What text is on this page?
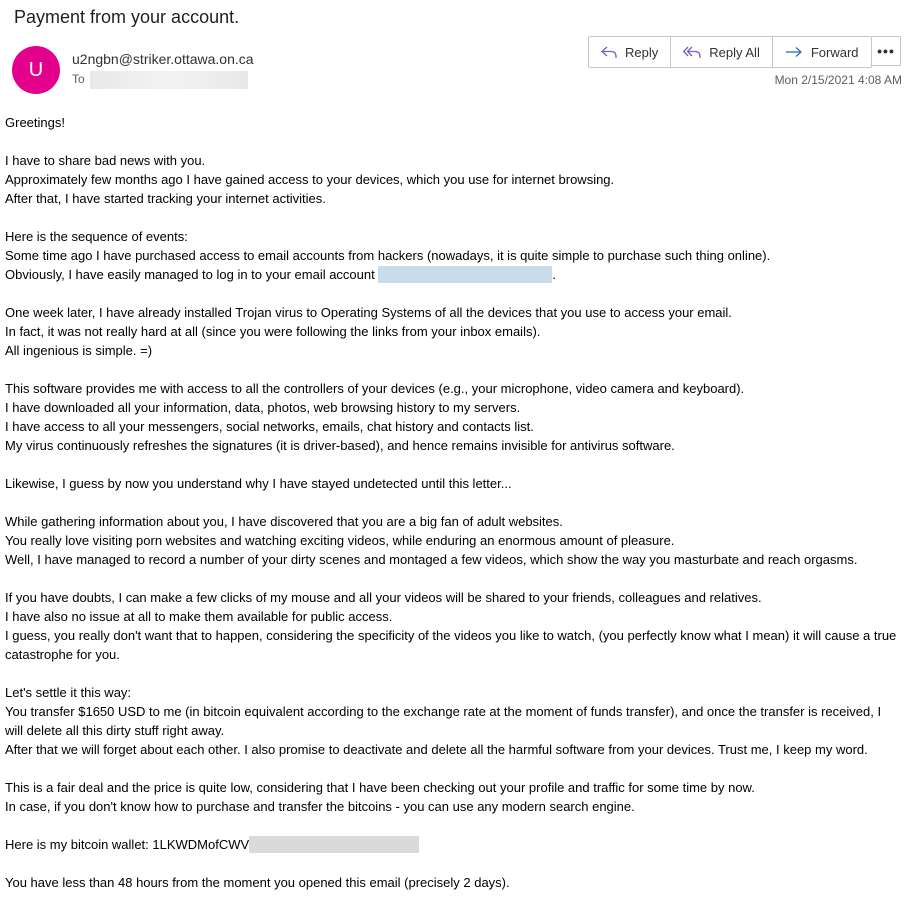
Payment from your account.
U	u2ngbn@striker.ottawa.on.ca
To
Reply	Reply All	Forward •••
Mon 2/15/2021 4:08 AM

Greetings!

I have to share bad news with you.

Approximately few months ago I have gained access to your devices, which you use for internet browsing.

After that, I have started tracking your internet activities.

Here is the sequence of events:

Some time ago I have purchased access to email accounts from hackers (nowadays, it is quite simple to purchase such thing online).

Obviously, I have easily managed to log in to your email account	.

One week later, I have already installed Trojan virus to Operating Systems of all the devices that you use to access your email.

In fact, it was not really hard at all (since you were following the links from your inbox emails).

All ingenious is simple. =)

This software provides me with access to all the controllers of your devices (e.g., your microphone, video camera and keyboard).

I have downloaded all your information, data, photos, web browsing history to my servers.

I have access to all your messengers, social networks, emails, chat history and contacts list.

My virus continuously refreshes the signatures (it is driver-based), and hence remains invisible for antivirus software.

Likewise, I guess by now you understand why I have stayed undetected until this letter...

While gathering information about you, I have discovered that you are a big fan of adult websites.

You really love visiting porn websites and watching exciting videos, while enduring an enormous amount of pleasure.

Well, I have managed to record a number of your dirty scenes and montaged a few videos, which show the way you masturbate and reach orgasms.

If you have doubts, I can make a few clicks of my mouse and all your videos will be shared to your friends, colleagues and relatives.

I have also no issue at all to make them available for public access.

I guess, you really don't want that to happen, considering the specificity of the videos you like to watch, (you perfectly know what I mean) it will cause a true catastrophe for you.

Let's settle it this way:

You transfer $1650 USD to me (in bitcoin equivalent according to the exchange rate at the moment of funds transfer), and once the transfer is received, I will delete all this dirty stuff right away.

After that we will forget about each other. I also promise to deactivate and delete all the harmful software from your devices. Trust me, I keep my word.

This is a fair deal and the price is quite low, considering that I have been checking out your profile and traffic for some time by now.

In case, if you don't know how to purchase and transfer the bitcoins - you can use any modern search engine.

Here is my bitcoin wallet: 1LKWDMofCWV

You have less than 48 hours from the moment you opened this email (precisely 2 days).
